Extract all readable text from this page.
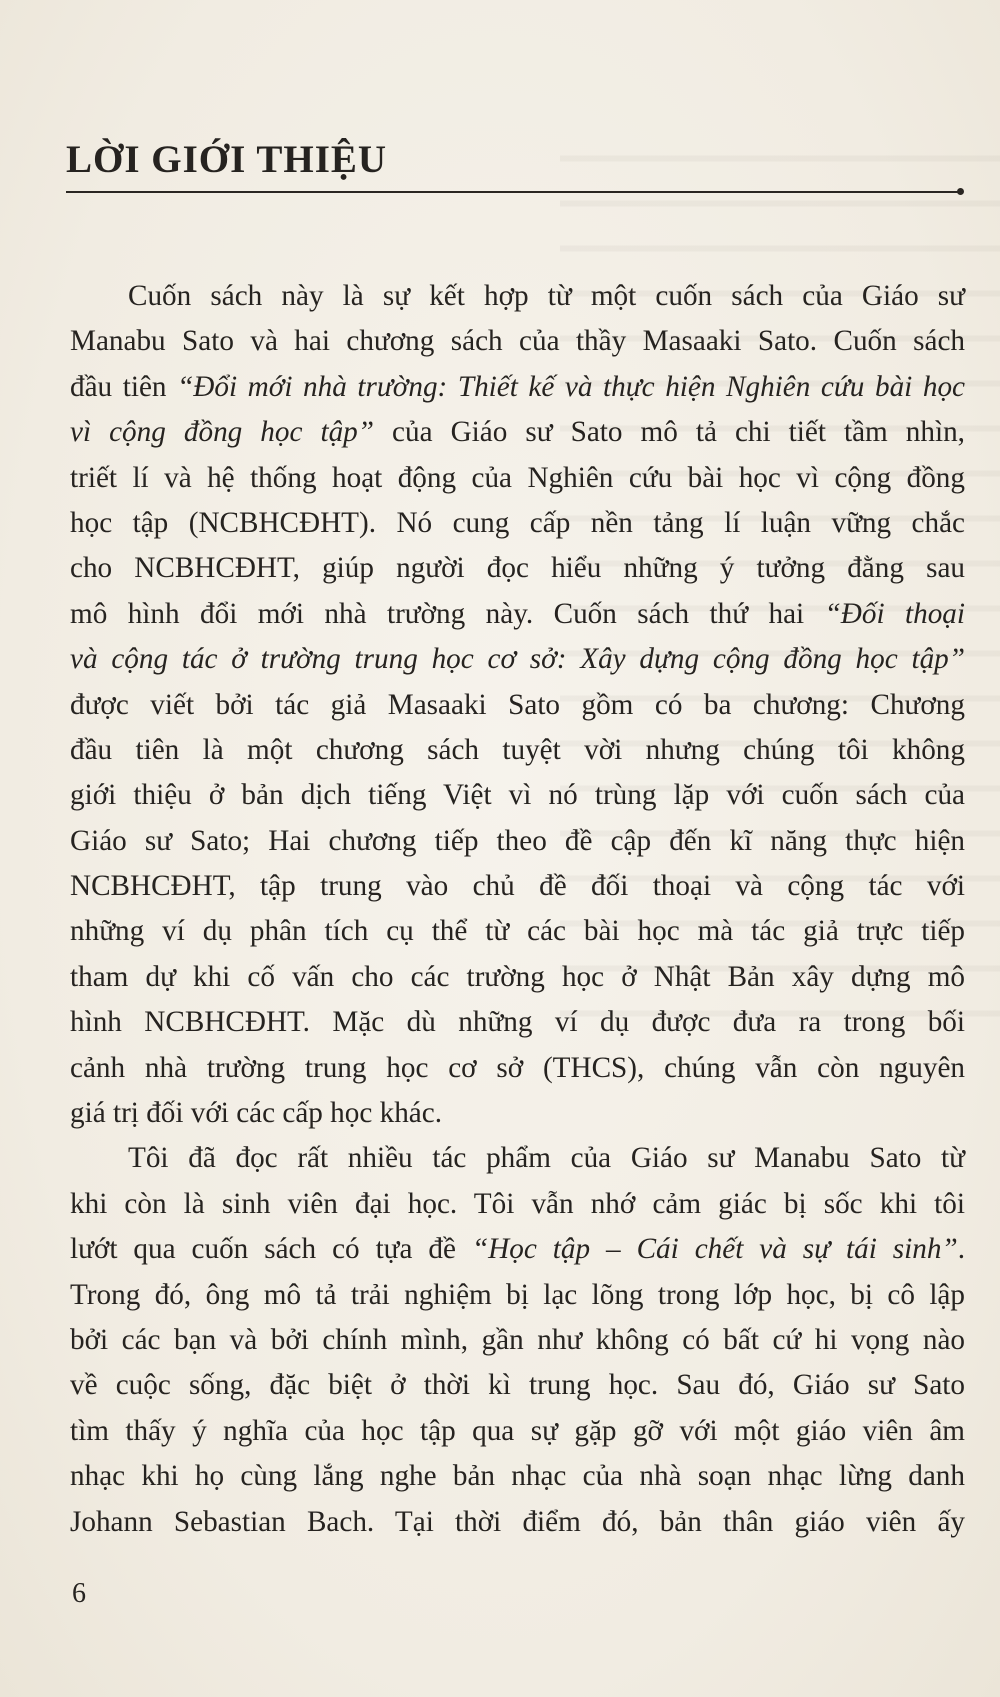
LỜI GIỚI THIỆU
Cuốn sách này là sự kết hợp từ một cuốn sách của Giáo sư
Manabu Sato và hai chương sách của thầy Masaaki Sato. Cuốn sách
đầu tiên “Đổi mới nhà trường: Thiết kế và thực hiện Nghiên cứu bài học
vì cộng đồng học tập” của Giáo sư Sato mô tả chi tiết tầm nhìn,
triết lí và hệ thống hoạt động của Nghiên cứu bài học vì cộng đồng
học tập (NCBHCĐHT). Nó cung cấp nền tảng lí luận vững chắc
cho NCBHCĐHT, giúp người đọc hiểu những ý tưởng đằng sau
mô hình đổi mới nhà trường này. Cuốn sách thứ hai “Đối thoại
và cộng tác ở trường trung học cơ sở: Xây dựng cộng đồng học tập”
được viết bởi tác giả Masaaki Sato gồm có ba chương: Chương
đầu tiên là một chương sách tuyệt vời nhưng chúng tôi không
giới thiệu ở bản dịch tiếng Việt vì nó trùng lặp với cuốn sách của
Giáo sư Sato; Hai chương tiếp theo đề cập đến kĩ năng thực hiện
NCBHCĐHT, tập trung vào chủ đề đối thoại và cộng tác với
những ví dụ phân tích cụ thể từ các bài học mà tác giả trực tiếp
tham dự khi cố vấn cho các trường học ở Nhật Bản xây dựng mô
hình NCBHCĐHT. Mặc dù những ví dụ được đưa ra trong bối
cảnh nhà trường trung học cơ sở (THCS), chúng vẫn còn nguyên
giá trị đối với các cấp học khác.
Tôi đã đọc rất nhiều tác phẩm của Giáo sư Manabu Sato từ
khi còn là sinh viên đại học. Tôi vẫn nhớ cảm giác bị sốc khi tôi
lướt qua cuốn sách có tựa đề “Học tập – Cái chết và sự tái sinh”.
Trong đó, ông mô tả trải nghiệm bị lạc lõng trong lớp học, bị cô lập
bởi các bạn và bởi chính mình, gần như không có bất cứ hi vọng nào
về cuộc sống, đặc biệt ở thời kì trung học. Sau đó, Giáo sư Sato
tìm thấy ý nghĩa của học tập qua sự gặp gỡ với một giáo viên âm
nhạc khi họ cùng lắng nghe bản nhạc của nhà soạn nhạc lừng danh
Johann Sebastian Bach. Tại thời điểm đó, bản thân giáo viên ấy

6
